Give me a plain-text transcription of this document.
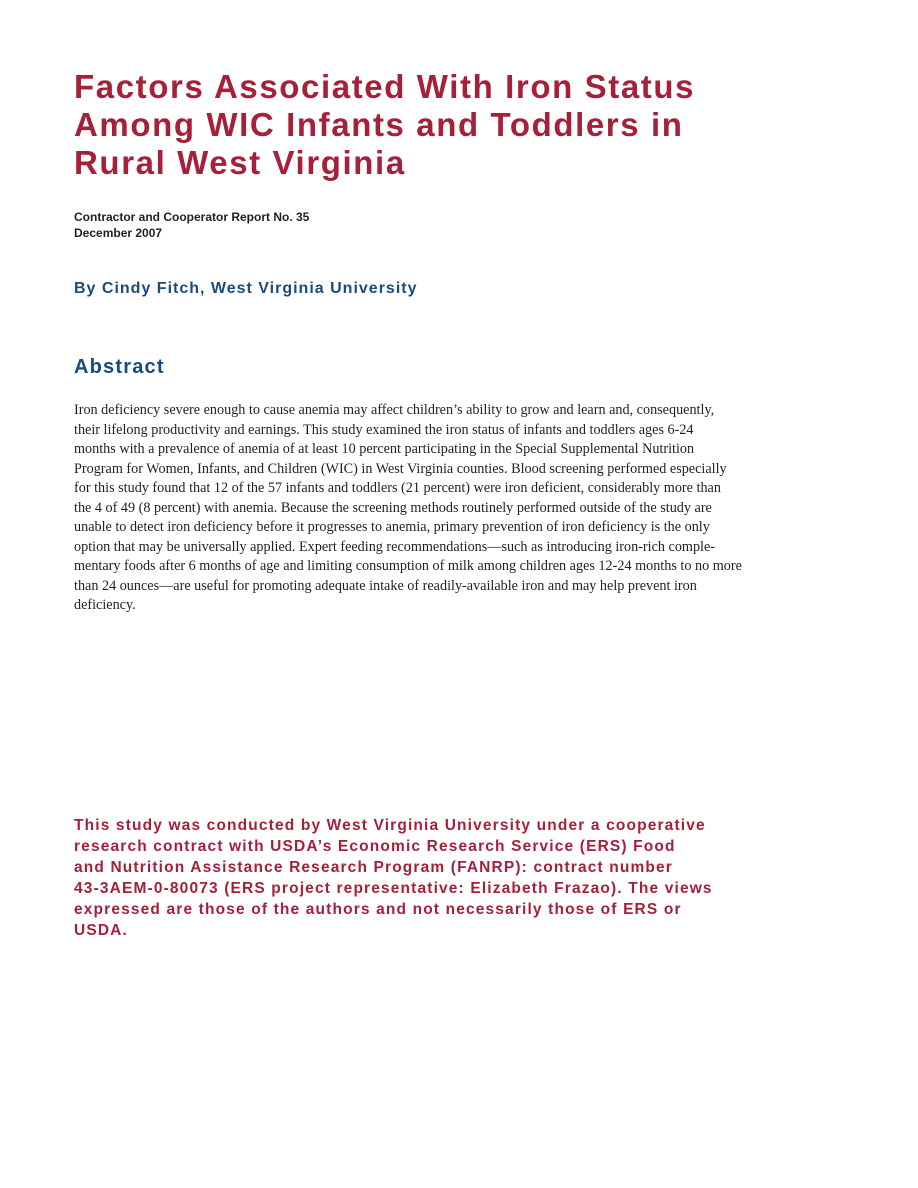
Factors Associated With Iron Status
Among WIC Infants and Toddlers in
Rural West Virginia
Contractor and Cooperator Report No. 35
December 2007

By Cindy Fitch, West Virginia University

Abstract
Iron deficiency severe enough to cause anemia may affect children’s ability to grow and learn and, consequently,
their lifelong productivity and earnings. This study examined the iron status of infants and toddlers ages 6-24
months with a prevalence of anemia of at least 10 percent participating in the Special Supplemental Nutrition
Program for Women, Infants, and Children (WIC) in West Virginia counties. Blood screening performed especially
for this study found that 12 of the 57 infants and toddlers (21 percent) were iron deficient, considerably more than
the 4 of 49 (8 percent) with anemia. Because the screening methods routinely performed outside of the study are
unable to detect iron deficiency before it progresses to anemia, primary prevention of iron deficiency is the only
option that may be universally applied. Expert feeding recommendations—such as introducing iron-rich comple-
mentary foods after 6 months of age and limiting consumption of milk among children ages 12-24 months to no more
than 24 ounces—are useful for promoting adequate intake of readily-available iron and may help prevent iron
deficiency.
This study was conducted by West Virginia University under a cooperative
research contract with USDA’s Economic Research Service (ERS) Food
and Nutrition Assistance Research Program (FANRP): contract number
43-3AEM-0-80073 (ERS project representative: Elizabeth Frazao). The views
expressed are those of the authors and not necessarily those of ERS or
USDA.
